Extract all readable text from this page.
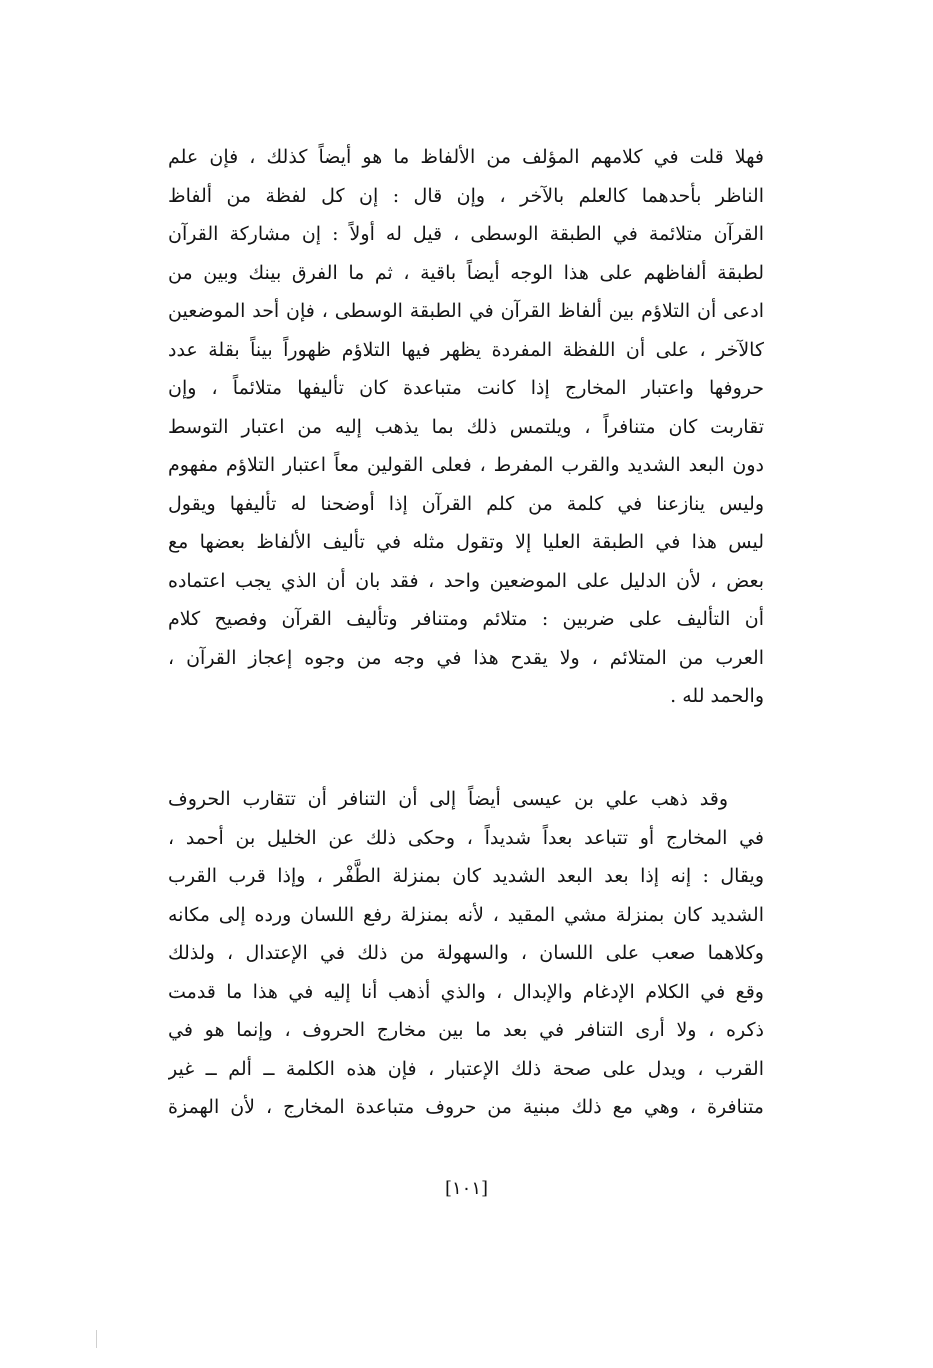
فهلا قلت في كلامهم المؤلف من الألفاظ ما هو أيضاً كذلك ، فإن علم
الناظر بأحدهما كالعلم بالآخر ، وإن قال : إن كل لفظة من ألفاظ
القرآن متلائمة في الطبقة الوسطى ، قيل له أولاً : إن مشاركة القرآن
لطبقة ألفاظهم على هذا الوجه أيضاً باقية ، ثم ما الفرق بينك وبين من
ادعى أن التلاؤم بين ألفاظ القرآن في الطبقة الوسطى ، فإن أحد الموضعين
كالآخر ، على أن اللفظة المفردة يظهر فيها التلاؤم ظهوراً بيناً بقلة عدد
حروفها واعتبار المخارج إذا كانت متباعدة كان تأليفها متلائماً ، وإن
تقاربت كان متنافراً ، ويلتمس ذلك بما يذهب إليه من اعتبار التوسط
دون البعد الشديد والقرب المفرط ، فعلى القولين معاً اعتبار التلاؤم مفهوم
وليس ينازعنا في كلمة من كلم القرآن إذا أوضحنا له تأليفها ويقول
ليس هذا في الطبقة العليا إلا وتقول مثله في تأليف الألفاظ بعضها مع
بعض ، لأن الدليل على الموضعين واحد ، فقد بان أن الذي يجب اعتماده
أن التأليف على ضربين : متلائم ومتنافر وتأليف القرآن وفصيح كلام
العرب من المتلائم ، ولا يقدح هذا في وجه من وجوه إعجاز القرآن ،
والحمد لله .
وقد ذهب علي بن عيسى أيضاً إلى أن التنافر أن تتقارب الحروف
في المخارج أو تتباعد بعداً شديداً ، وحكى ذلك عن الخليل بن أحمد ،
ويقال : إنه إذا بعد البعد الشديد كان بمنزلة الطَّفْر ، وإذا قرب القرب
الشديد كان بمنزلة مشي المقيد ، لأنه بمنزلة رفع اللسان ورده إلى مكانه
وكلاهما صعب على اللسان ، والسهولة من ذلك في الإعتدال ، ولذلك
وقع في الكلام الإدغام والإبدال ، والذي أذهب أنا إليه في هذا ما قدمت
ذكره ، ولا أرى التنافر في بعد ما بين مخارج الحروف ، وإنما هو في
القرب ، ويدل على صحة ذلك الإعتبار ، فإن هذه الكلمة ــ ألم ــ غير
متنافرة ، وهي مع ذلك مبنية من حروف متباعدة المخارج ، لأن الهمزة
[١٠١]
